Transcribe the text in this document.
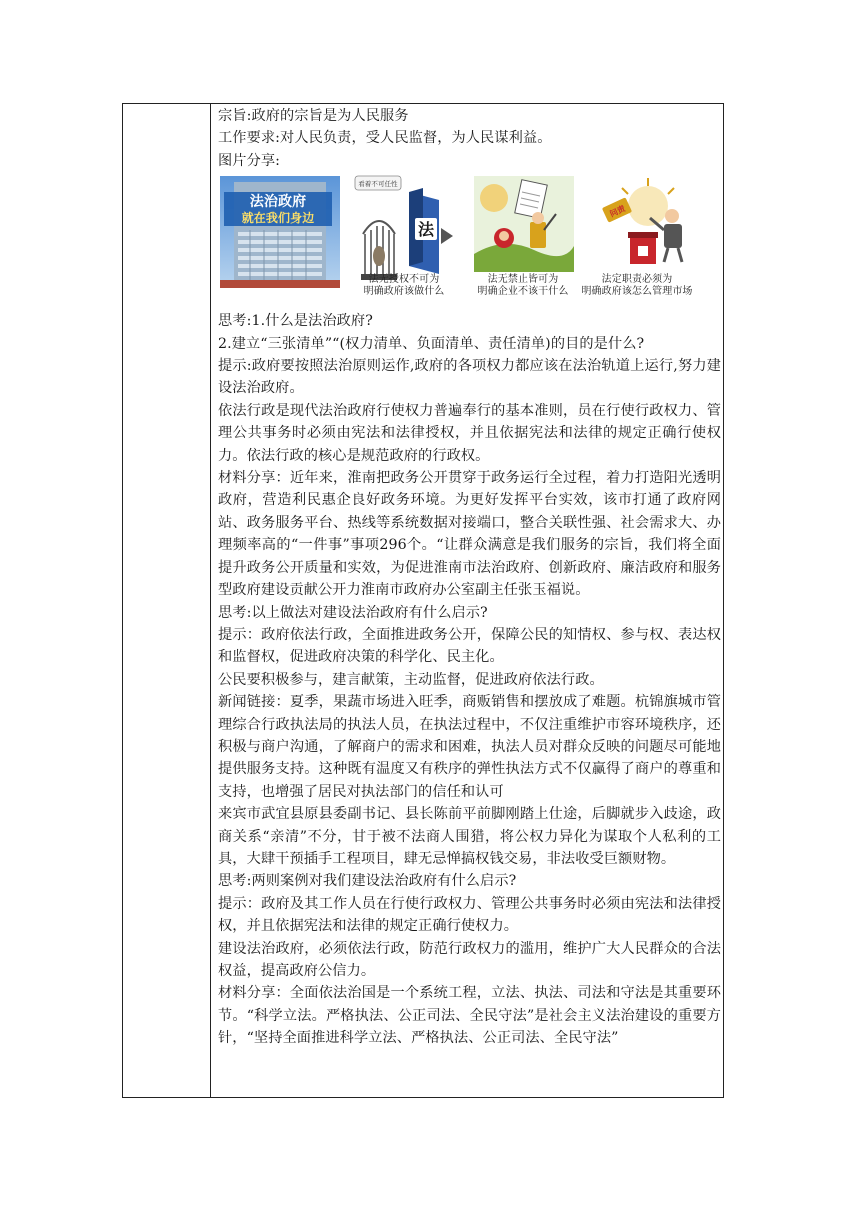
宗旨:政府的宗旨是为人民服务

工作要求:对人民负责，受人民监督，为人民谋利益。

图片分享:

法治政府
就在我们身边
看着不可任性
法
法无授权不可为
明确政府该做什么
法无禁止皆可为
明确企业不该干什么
问责
法定职责必须为
明确政府该怎么管理市场

思考:1.什么是法治政府?

2.建立“三张清单”“(权力清单、负面清单、责任清单)的目的是什么?

提示:政府要按照法治原则运作,政府的各项权力都应该在法治轨道上运行,努力建设法治政府。

依法行政是现代法治政府行使权力普遍奉行的基本准则，员在行使行政权力、管理公共事务时必须由宪法和法律授权，并且依据宪法和法律的规定正确行使权力。依法行政的核心是规范政府的行政权。

材料分享：近年来，淮南把政务公开贯穿于政务运行全过程，着力打造阳光透明政府，营造利民惠企良好政务环境。为更好发挥平台实效，该市打通了政府网站、政务服务平台、热线等系统数据对接端口，整合关联性强、社会需求大、办理频率高的“一件事”事项296个。“让群众满意是我们服务的宗旨，我们将全面提升政务公开质量和实效，为促进淮南市法治政府、创新政府、廉洁政府和服务型政府建设贡献公开力淮南市政府办公室副主任张玉福说。

思考:以上做法对建设法治政府有什么启示?

提示：政府依法行政，全面推进政务公开，保障公民的知情权、参与权、表达权和监督权，促进政府决策的科学化、民主化。

公民要积极参与，建言献策，主动监督，促进政府依法行政。

新闻链接：夏季，果蔬市场进入旺季，商贩销售和摆放成了难题。杭锦旗城市管理综合行政执法局的执法人员，在执法过程中，不仅注重维护市容环境秩序，还积极与商户沟通，了解商户的需求和困难，执法人员对群众反映的问题尽可能地提供服务支持。这种既有温度又有秩序的弹性执法方式不仅赢得了商户的尊重和支持，也增强了居民对执法部门的信任和认可

来宾市武宜县原县委副书记、县长陈前平前脚刚踏上仕途，后脚就步入歧途，政商关系“亲清”不分，甘于被不法商人围猎，将公权力异化为谋取个人私利的工具，大肆干预插手工程项目，肆无忌惮搞权钱交易，非法收受巨额财物。

思考:两则案例对我们建设法治政府有什么启示?

提示：政府及其工作人员在行使行政权力、管理公共事务时必须由宪法和法律授权，并且依据宪法和法律的规定正确行使权力。

建设法治政府，必须依法行政，防范行政权力的滥用，维护广大人民群众的合法权益，提高政府公信力。

材料分享：全面依法治国是一个系统工程，立法、执法、司法和守法是其重要环节。“科学立法。严格执法、公正司法、全民守法”是社会主义法治建设的重要方针，“坚持全面推进科学立法、严格执法、公正司法、全民守法”
